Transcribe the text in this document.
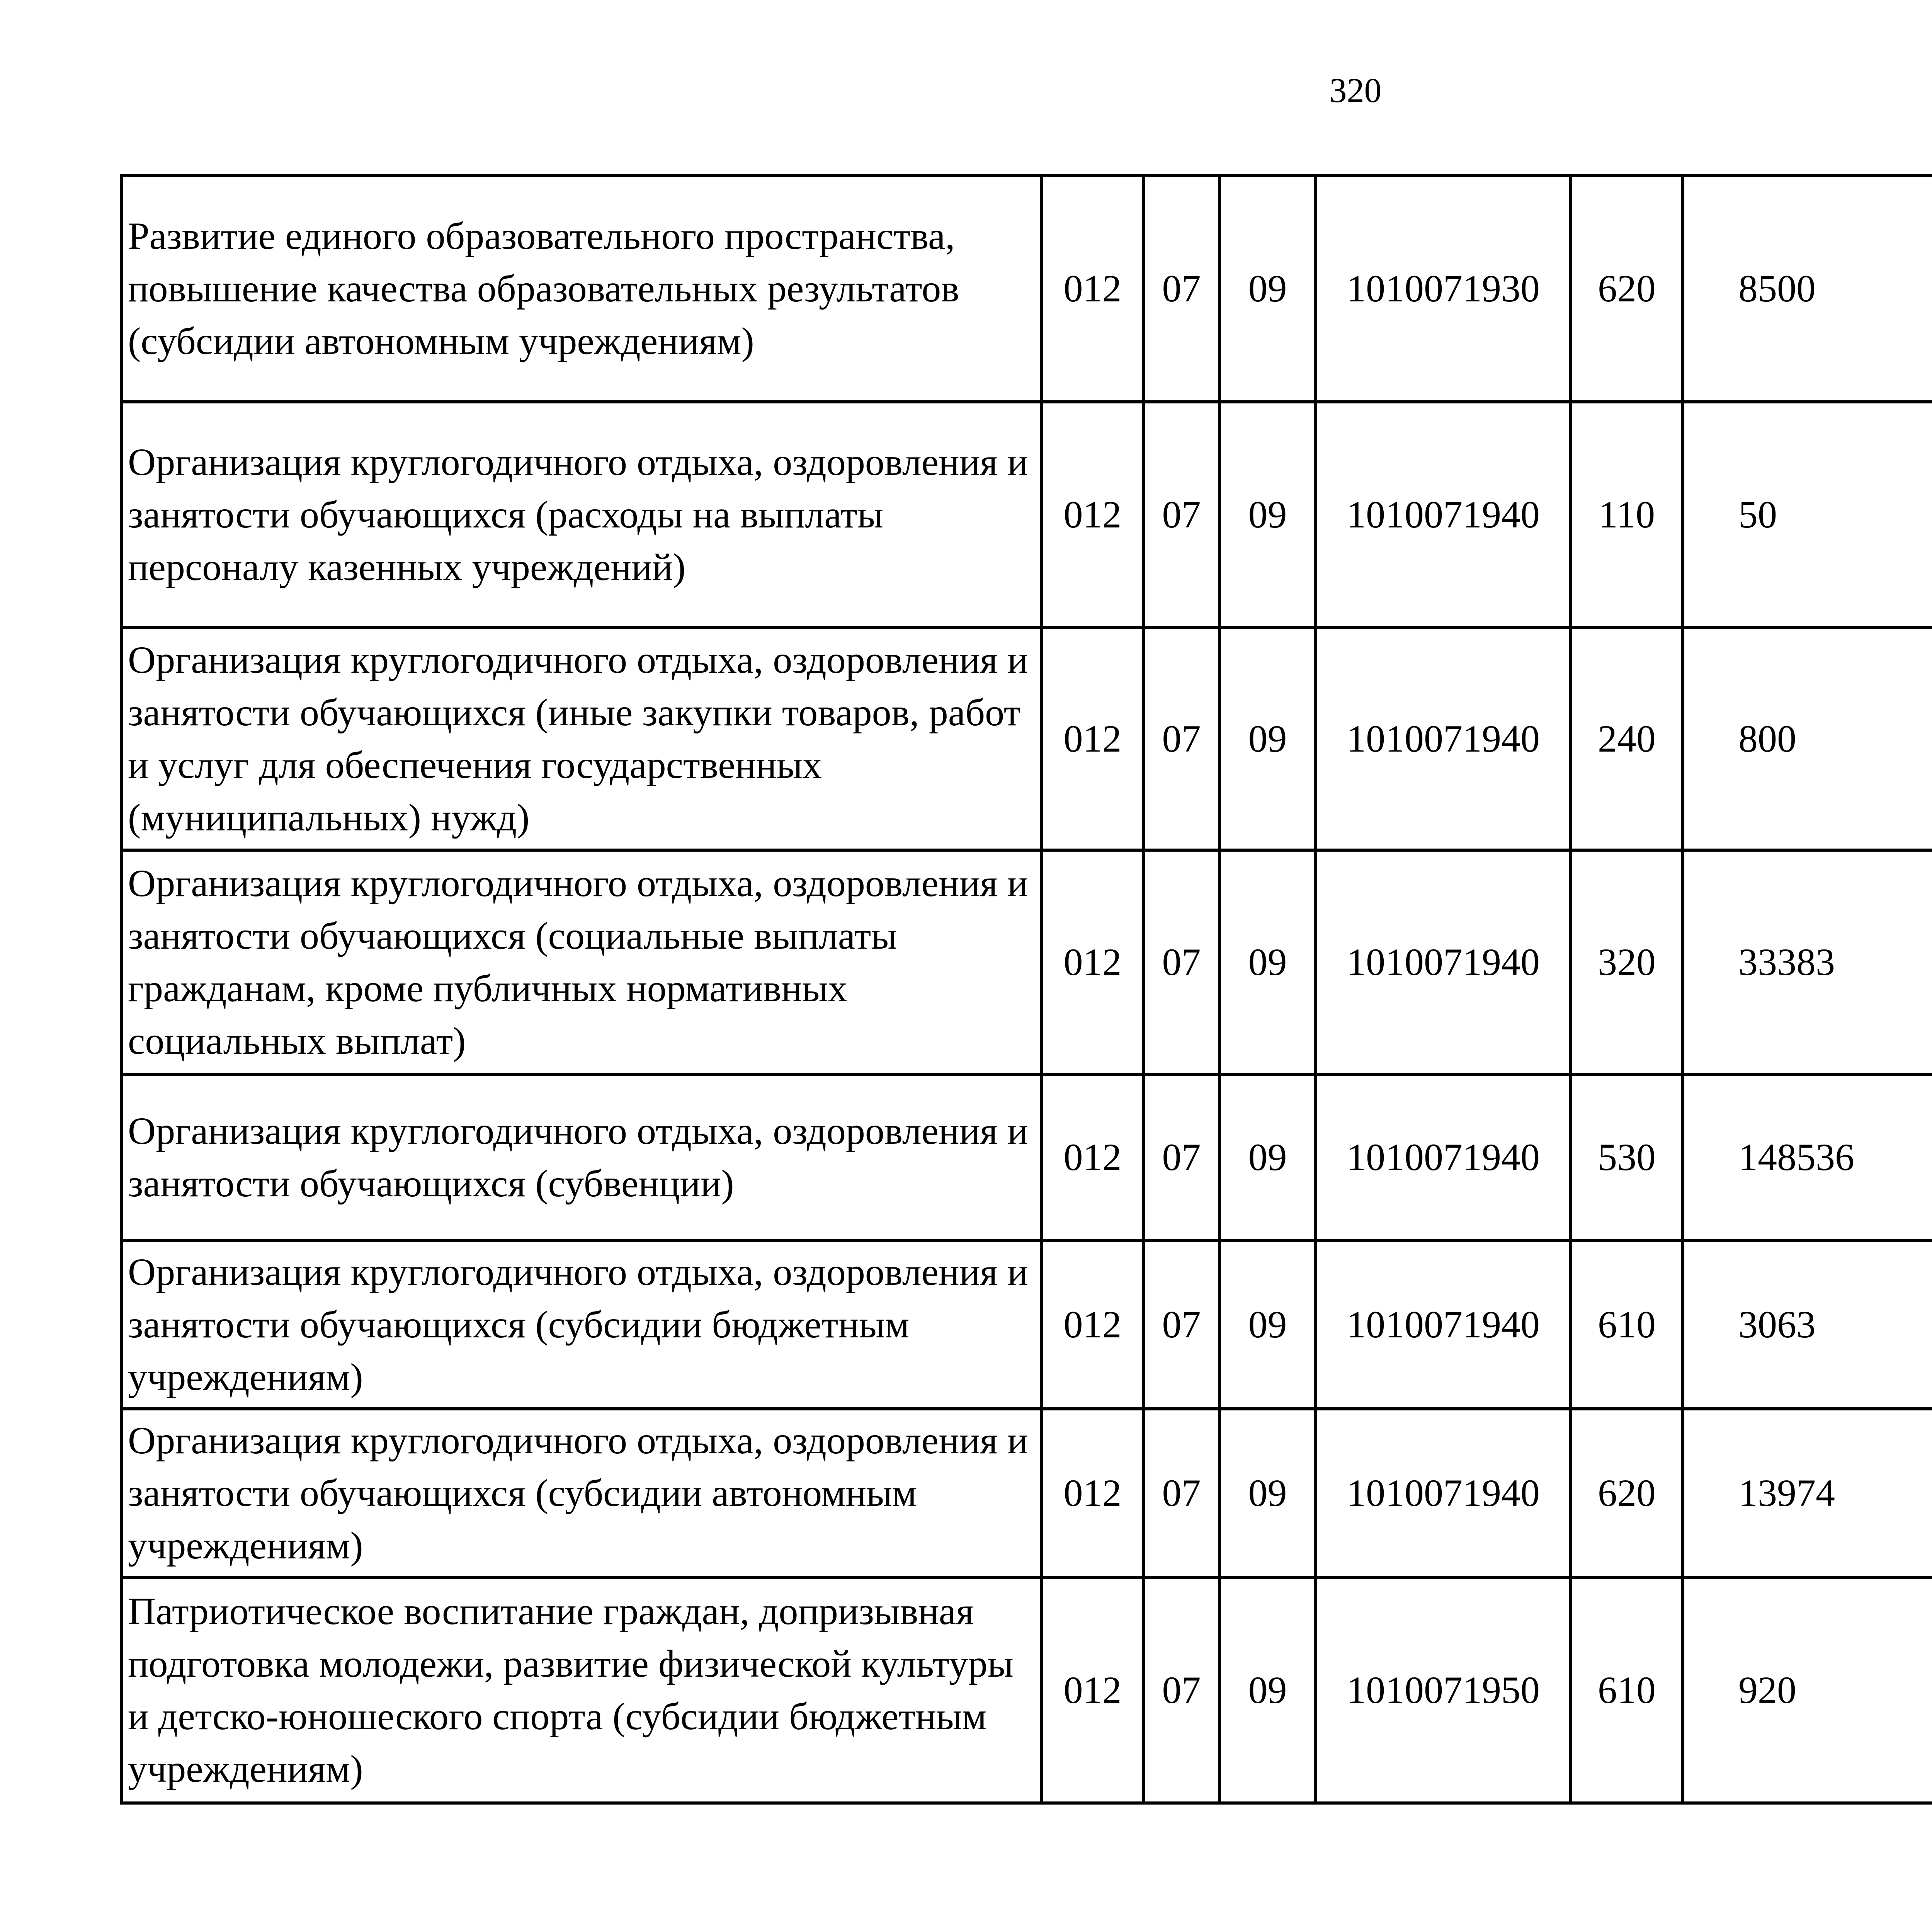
320
Развитие единого образовательного пространства, повышение качества образовательных результатов (субсидии автономным учреждениям)	012	07	09	1010071930	620	8500		
Организация круглогодичного отдыха, оздоровления и занятости обучающихся (расходы на выплаты персоналу казенных учреждений)	012	07	09	1010071940	110	50		
Организация круглогодичного отдыха, оздоровления и занятости обучающихся (иные закупки товаров, работ и услуг для обеспечения государственных (муниципальных) нужд)	012	07	09	1010071940	240	800		
Организация круглогодичного отдыха, оздоровления и занятости обучающихся (социальные выплаты гражданам, кроме публичных нормативных социальных выплат)	012	07	09	1010071940	320	33383		
Организация круглогодичного отдыха, оздоровления и занятости обучающихся (субвенции)	012	07	09	1010071940	530	148536		
Организация круглогодичного отдыха, оздоровления и занятости обучающихся (субсидии бюджетным учреждениям)	012	07	09	1010071940	610	3063		
Организация круглогодичного отдыха, оздоровления и занятости обучающихся (субсидии автономным учреждениям)	012	07	09	1010071940	620	13974		
Патриотическое воспитание граждан, допризывная подготовка молодежи, развитие физической культуры и детско-юношеского спорта (субсидии бюджетным учреждениям)	012	07	09	1010071950	610	920		
